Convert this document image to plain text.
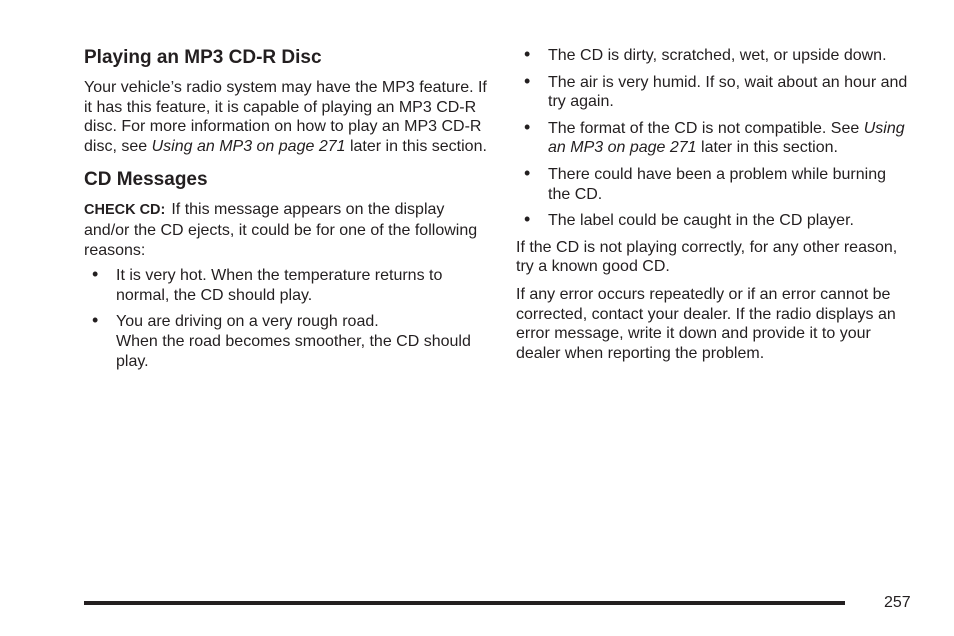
Playing an MP3 CD-R Disc

Your vehicle’s radio system may have the MP3 feature. If it has this feature, it is capable of playing an MP3 CD-R disc. For more information on how to play an MP3 CD-R disc, see Using an MP3 on page 271 later in this section.

CD Messages

CHECK CD: If this message appears on the display and/or the CD ejects, it could be for one of the following reasons:

• It is very hot. When the temperature returns to normal, the CD should play.
• You are driving on a very rough road.
When the road becomes smoother, the CD should play.
• The CD is dirty, scratched, wet, or upside down.
• The air is very humid. If so, wait about an hour and try again.
• The format of the CD is not compatible. See Using an MP3 on page 271 later in this section.
• There could have been a problem while burning the CD.
• The label could be caught in the CD player.

If the CD is not playing correctly, for any other reason, try a known good CD.

If any error occurs repeatedly or if an error cannot be corrected, contact your dealer. If the radio displays an error message, write it down and provide it to your dealer when reporting the problem.

257
